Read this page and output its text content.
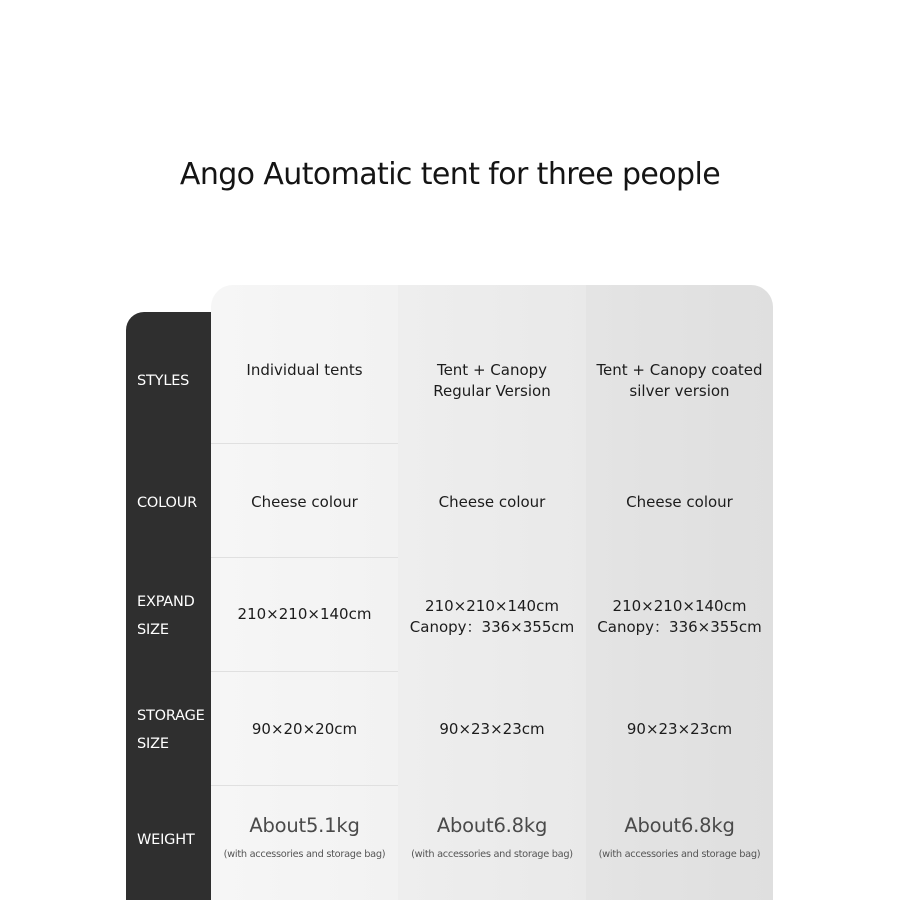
Ango Automatic tent for three people
Individual tents
Cheese colour
210×210×140cm
90×20×20cm
About5.1kg
(with accessories and storage bag)
Tent + Canopy
Regular Version
Cheese colour
210×210×140cm
Canopy：336×355cm
90×23×23cm
About6.8kg
(with accessories and storage bag)
Tent + Canopy coated
silver version
Cheese colour
210×210×140cm
Canopy：336×355cm
90×23×23cm
About6.8kg
(with accessories and storage bag)
STYLES
COLOUR
EXPAND
SIZE
STORAGE
SIZE
WEIGHT
